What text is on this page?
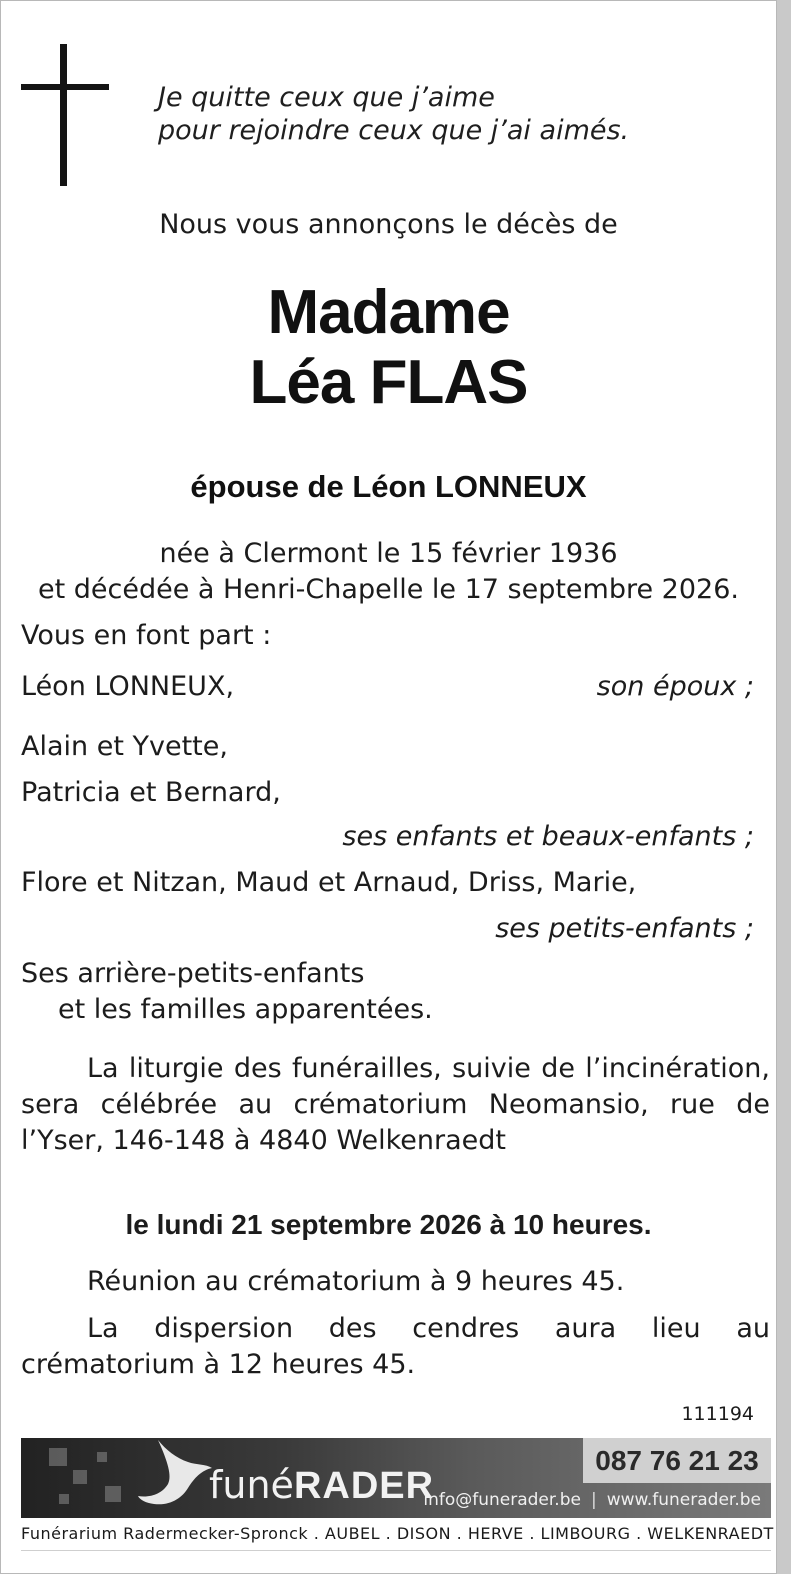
Je quitte ceux que j’aime
pour rejoindre ceux que j’ai aimés.
Nous vous annonçons le décès de
Madame
Léa FLAS
épouse de Léon LONNEUX
née à Clermont le 15 février 1936
et décédée à Henri-Chapelle le 17 septembre 2026.
Vous en font part :
Léon LONNEUX,	son époux ;
Alain et Yvette,
Patricia et Bernard,
ses enfants et beaux-enfants ;
Flore et Nitzan, Maud et Arnaud, Driss, Marie,
ses petits-enfants ;
Ses arrière-petits-enfants
et les familles apparentées.
La liturgie des funérailles, suivie de l’incinération, sera célébrée au crématorium Neomansio, rue de l’Yser, 146-148 à 4840 Welkenraedt
le lundi 21 septembre 2026 à 10 heures.
Réunion au crématorium à 9 heures 45.
La dispersion des cendres aura lieu au crématorium à 12 heures 45.
111194
funéRADER
087 76 21 23
info@funerader.be | www.funerader.be
Funérarium Radermecker-Spronck . AUBEL . DISON . HERVE . LIMBOURG . WELKENRAEDT
